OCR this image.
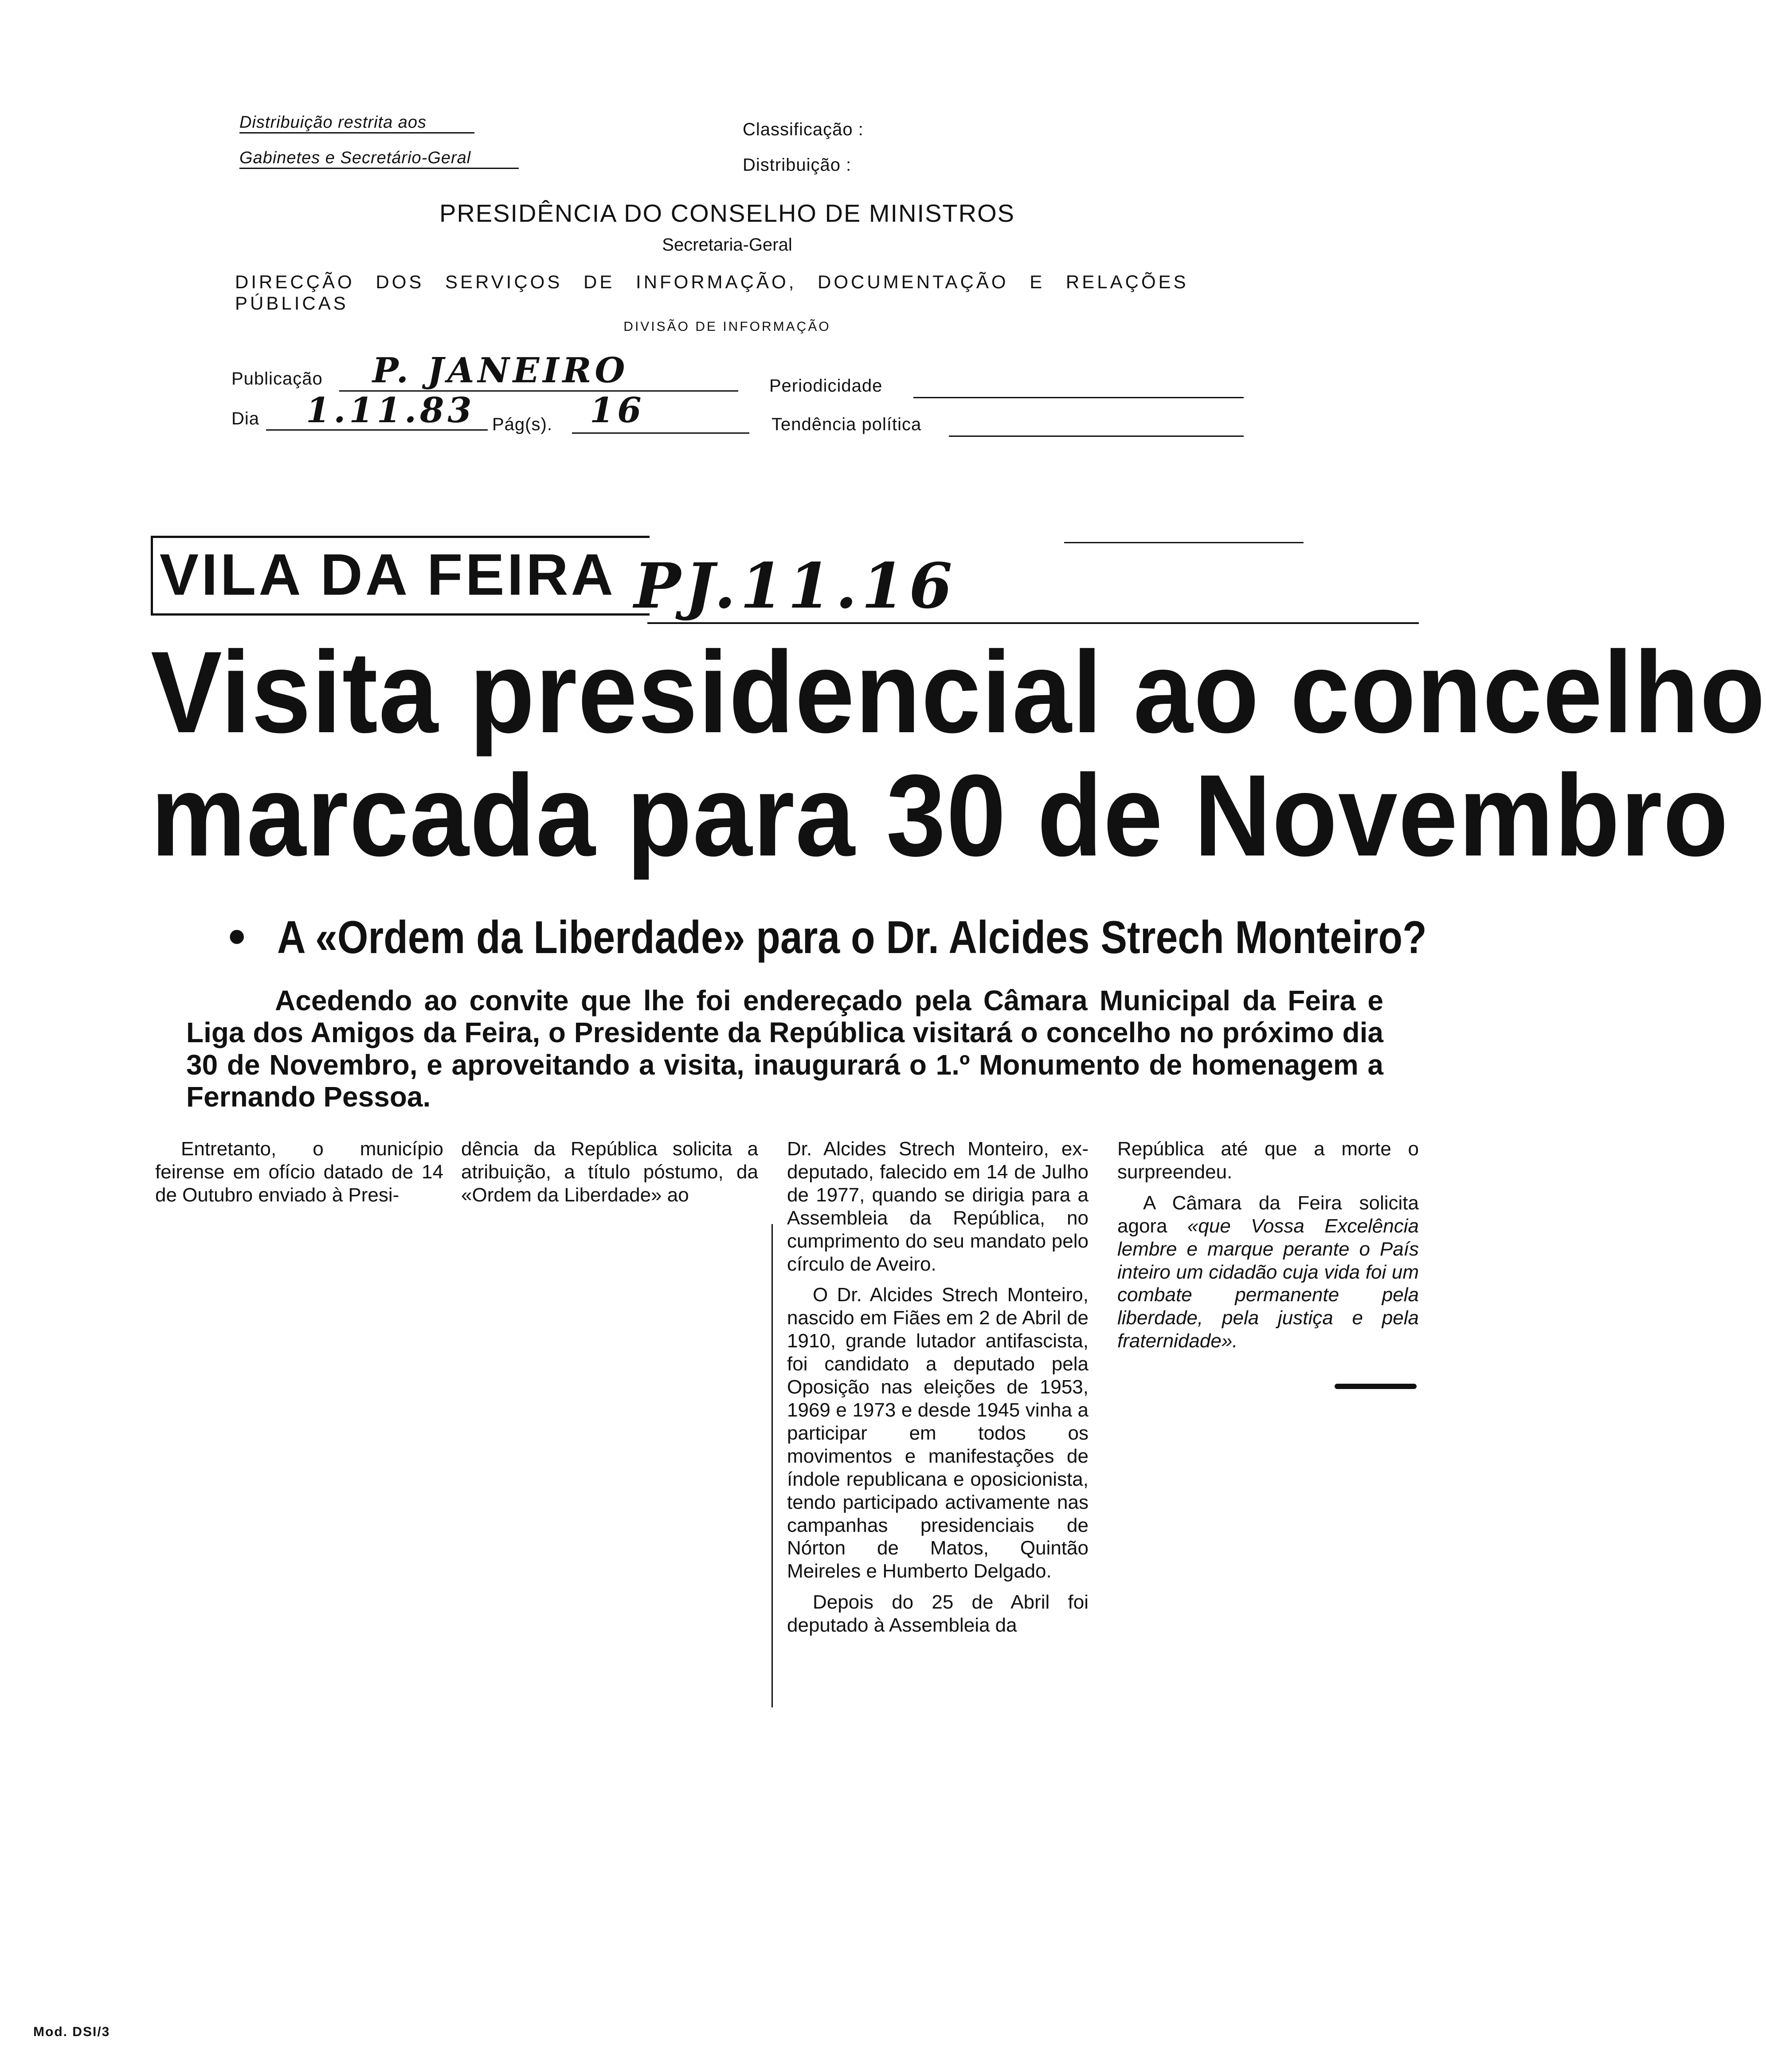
Distribuição restrita aos
Gabinetes e Secretário-Geral
Classificação :
Distribuição :
PRESIDÊNCIA DO CONSELHO DE MINISTROS
Secretaria-Geral
DIRECÇÃO DOS SERVIÇOS DE INFORMAÇÃO, DOCUMENTAÇÃO E RELAÇÕES PÚBLICAS
DIVISÃO DE INFORMAÇÃO
Publicação P. JANEIRO	Periodicidade
Dia 1.11.83 Pág(s). 16	Tendência política
VILA DA FEIRA PJ.11.16
Visita presidencial ao concelho
marcada para 30 de Novembro
• A «Ordem da Liberdade» para o Dr. Alcides Strech Monteiro?
Acedendo ao convite que lhe foi endereçado pela Câmara Municipal da Feira e Liga dos Amigos da Feira, o Presidente da República visitará o concelho no próximo dia 30 de Novembro, e aproveitando a visita, inaugurará o 1.º Monumento de homenagem a Fernando Pessoa.

Entretanto, o município feirense em ofício datado de 14 de Outubro enviado à Presi-

dência da República solicita a atribuição, a título póstumo, da «Ordem da Liberdade» ao

Dr. Alcides Strech Monteiro, ex-deputado, falecido em 14 de Julho de 1977, quando se dirigia para a Assembleia da República, no cumprimento do seu mandato pelo círculo de Aveiro.

O Dr. Alcides Strech Monteiro, nascido em Fiães em 2 de Abril de 1910, grande lutador antifascista, foi candidato a deputado pela Oposição nas eleições de 1953, 1969 e 1973 e desde 1945 vinha a participar em todos os movimentos e manifestações de índole republicana e oposicionista, tendo participado activamente nas campanhas presidenciais de Nórton de Matos, Quintão Meireles e Humberto Delgado.

Depois do 25 de Abril foi deputado à Assembleia da

República até que a morte o surpreendeu.

A Câmara da Feira solicita agora «que Vossa Excelência lembre e marque perante o País inteiro um cidadão cuja vida foi um combate permanente pela liberdade, pela justiça e pela fraternidade».

Mod. DSI/3
